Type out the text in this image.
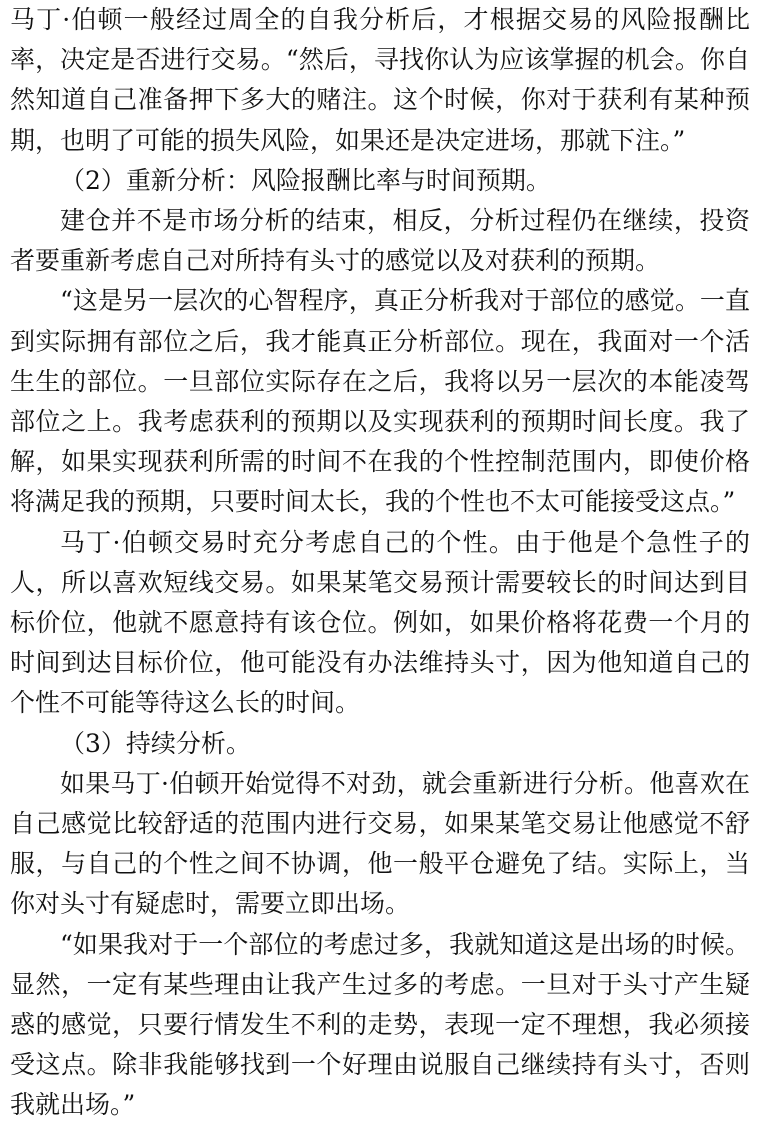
马丁·伯顿一般经过周全的自我分析后，才根据交易的风险报酬比率，决定是否进行交易。“然后，寻找你认为应该掌握的机会。你自然知道自己准备押下多大的赌注。这个时候，你对于获利有某种预期，也明了可能的损失风险，如果还是决定进场，那就下注。”

（2）重新分析：风险报酬比率与时间预期。

建仓并不是市场分析的结束，相反，分析过程仍在继续，投资者要重新考虑自己对所持有头寸的感觉以及对获利的预期。

“这是另一层次的心智程序，真正分析我对于部位的感觉。一直到实际拥有部位之后，我才能真正分析部位。现在，我面对一个活生生的部位。一旦部位实际存在之后，我将以另一层次的本能凌驾部位之上。我考虑获利的预期以及实现获利的预期时间长度。我了解，如果实现获利所需的时间不在我的个性控制范围内，即使价格将满足我的预期，只要时间太长，我的个性也不太可能接受这点。”

马丁·伯顿交易时充分考虑自己的个性。由于他是个急性子的人，所以喜欢短线交易。如果某笔交易预计需要较长的时间达到目标价位，他就不愿意持有该仓位。例如，如果价格将花费一个月的时间到达目标价位，他可能没有办法维持头寸，因为他知道自己的个性不可能等待这么长的时间。

（3）持续分析。

如果马丁·伯顿开始觉得不对劲，就会重新进行分析。他喜欢在自己感觉比较舒适的范围内进行交易，如果某笔交易让他感觉不舒服，与自己的个性之间不协调，他一般平仓避免了结。实际上，当你对头寸有疑虑时，需要立即出场。

“如果我对于一个部位的考虑过多，我就知道这是出场的时候。显然，一定有某些理由让我产生过多的考虑。一旦对于头寸产生疑惑的感觉，只要行情发生不利的走势，表现一定不理想，我必须接受这点。除非我能够找到一个好理由说服自己继续持有头寸，否则我就出场。”
